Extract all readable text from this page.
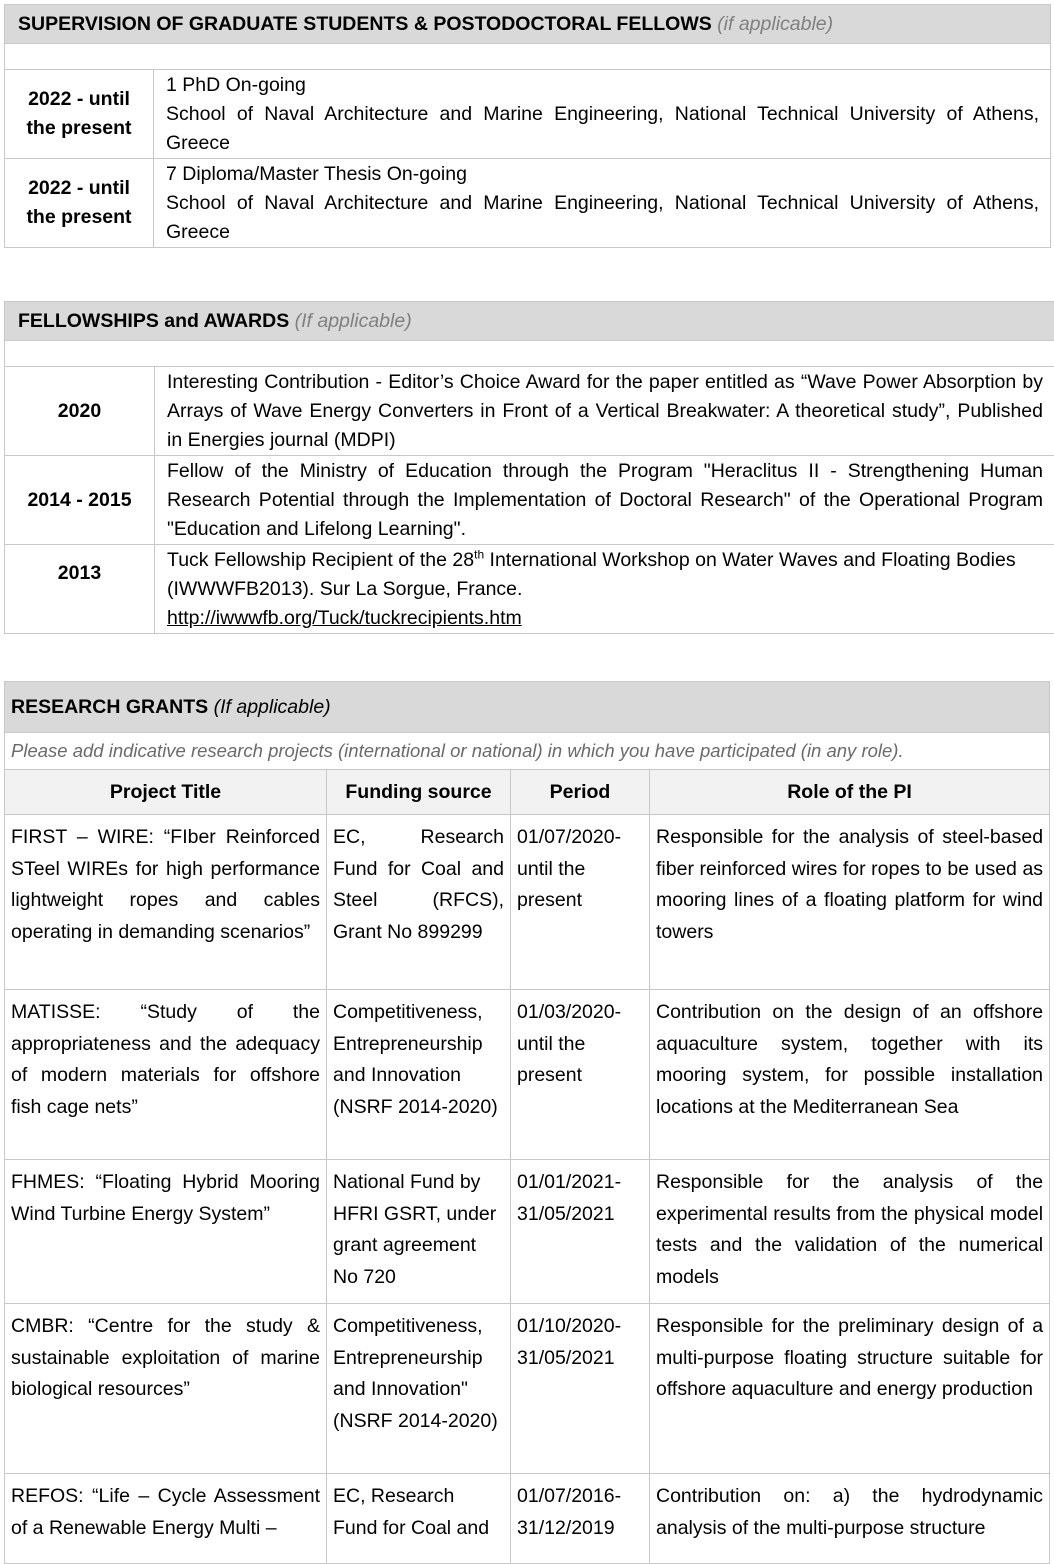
SUPERVISION OF GRADUATE STUDENTS & POSTODOCTORAL FELLOWS (if applicable)	

2022 - until
the present	1 PhD On-going
School of Naval Architecture and Marine Engineering, National Technical University of Athens, Greece

2022 - until
the present	7 Diploma/Master Thesis On-going
School of Naval Architecture and Marine Engineering, National Technical University of Athens, Greece
FELLOWSHIPS and AWARDS (If applicable)	

2020	Interesting Contribution - Editor’s Choice Award for the paper entitled as “Wave Power Absorption by Arrays of Wave Energy Converters in Front of a Vertical Breakwater: A theoretical study”, Published in Energies journal (MDPI)
2014 - 2015	Fellow of the Ministry of Education through the Program "Heraclitus II - Strengthening Human Research Potential through the Implementation of Doctoral Research" of the Operational Program "Education and Lifelong Learning".
2013	Tuck Fellowship Recipient of the 28th International Workshop on Water Waves and Floating Bodies (IWWWFB2013). Sur La Sorgue, France.
http://iwwwfb.org/Tuck/tuckrecipients.htm
RESEARCH GRANTS (If applicable)			
Please add indicative research projects (international or national) in which you have participated (in any role).			
Project Title	Funding source	Period	Role of the PI
FIRST – WIRE: “FIber Reinforced STeel WIREs for high performance lightweight ropes and cables operating in demanding scenarios”	EC, Research Fund for Coal and Steel (RFCS), Grant No 899299	01/07/2020- until the present	Responsible for the analysis of steel-based fiber reinforced wires for ropes to be used as mooring lines of a floating platform for wind towers
MATISSE: “Study of the appropriateness and the adequacy of modern materials for offshore fish cage nets”	Competitiveness, Entrepreneurship and Innovation (NSRF 2014-2020)	01/03/2020- until the present	Contribution on the design of an offshore aquaculture system, together with its mooring system, for possible installation locations at the Mediterranean Sea
FHMES: “Floating Hybrid Mooring Wind Turbine Energy System”	National Fund by HFRI GSRT, under grant agreement No 720	01/01/2021- 31/05/2021	Responsible for the analysis of the experimental results from the physical model tests and the validation of the numerical models
CMBR: “Centre for the study & sustainable exploitation of marine biological resources”	Competitiveness, Entrepreneurship and Innovation" (NSRF 2014-2020)	01/10/2020- 31/05/2021	Responsible for the preliminary design of a multi-purpose floating structure suitable for offshore aquaculture and energy production
REFOS: “Life – Cycle Assessment of a Renewable Energy Multi –	EC, Research Fund for Coal and	01/07/2016- 31/12/2019	Contribution on: a) the hydrodynamic analysis of the multi-purpose structure
